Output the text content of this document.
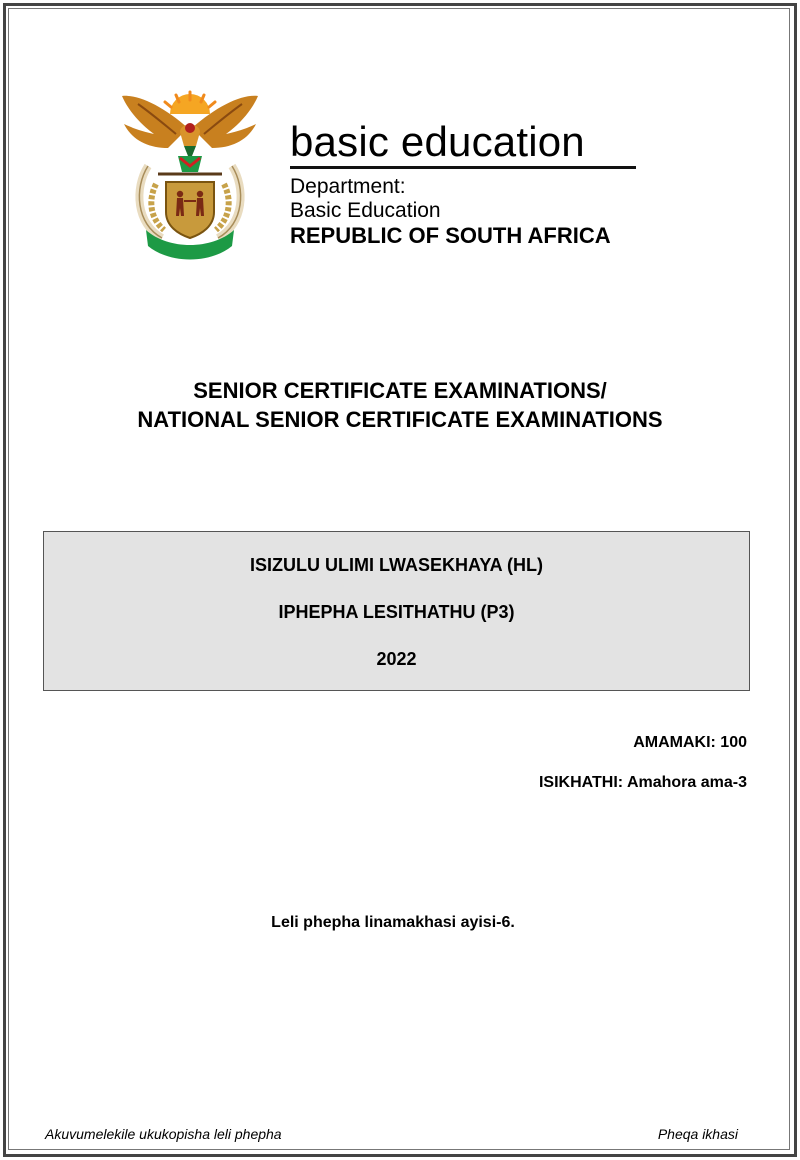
basic education
Department:
Basic Education
REPUBLIC OF SOUTH AFRICA
SENIOR CERTIFICATE EXAMINATIONS/
NATIONAL SENIOR CERTIFICATE EXAMINATIONS
ISIZULU ULIMI LWASEKHAYA (HL)
IPHEPHA LESITHATHU (P3)
2022
AMAMAKI: 100
ISIKHATHI: Amahora ama-3
Leli phepha linamakhasi ayisi-6.
Akuvumelekile ukukopisha leli phepha	Pheqa ikhasi
